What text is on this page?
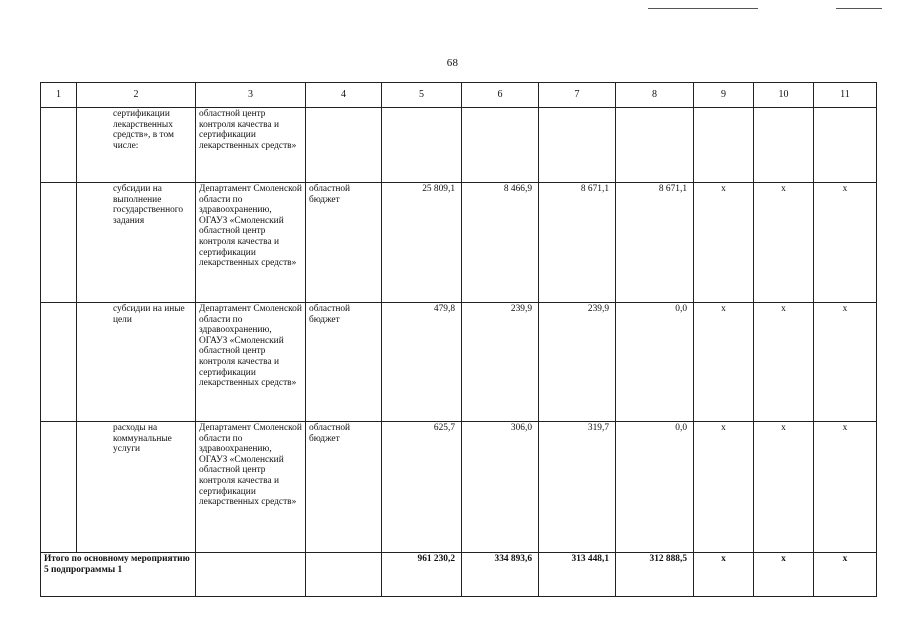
68
1	2	3	4	5	6	7	8	9	10	11
	сертификации лекарственных средств», в том числе:	областной центр контроля качества и сертификации лекарственных средств»								
	субсидии на выполнение государственного задания	Департамент Смоленской области по здравоохранению, ОГАУЗ «Смоленский областной центр контроля качества и сертификации лекарственных средств»	областной бюджет	25 809,1	8 466,9	8 671,1	8 671,1	х	х	х
	субсидии на иные цели	Департамент Смоленской области по здравоохранению, ОГАУЗ «Смоленский областной центр контроля качества и сертификации лекарственных средств»	областной бюджет	479,8	239,9	239,9	0,0	х	х	х
	расходы на коммунальные услуги	Департамент Смоленской области по здравоохранению, ОГАУЗ «Смоленский областной центр контроля качества и сертификации лекарственных средств»	областной бюджет	625,7	306,0	319,7	0,0	х	х	х
Итого по основному мероприятию 5 подпрограммы 1				961 230,2	334 893,6	313 448,1	312 888,5	х	х	х
